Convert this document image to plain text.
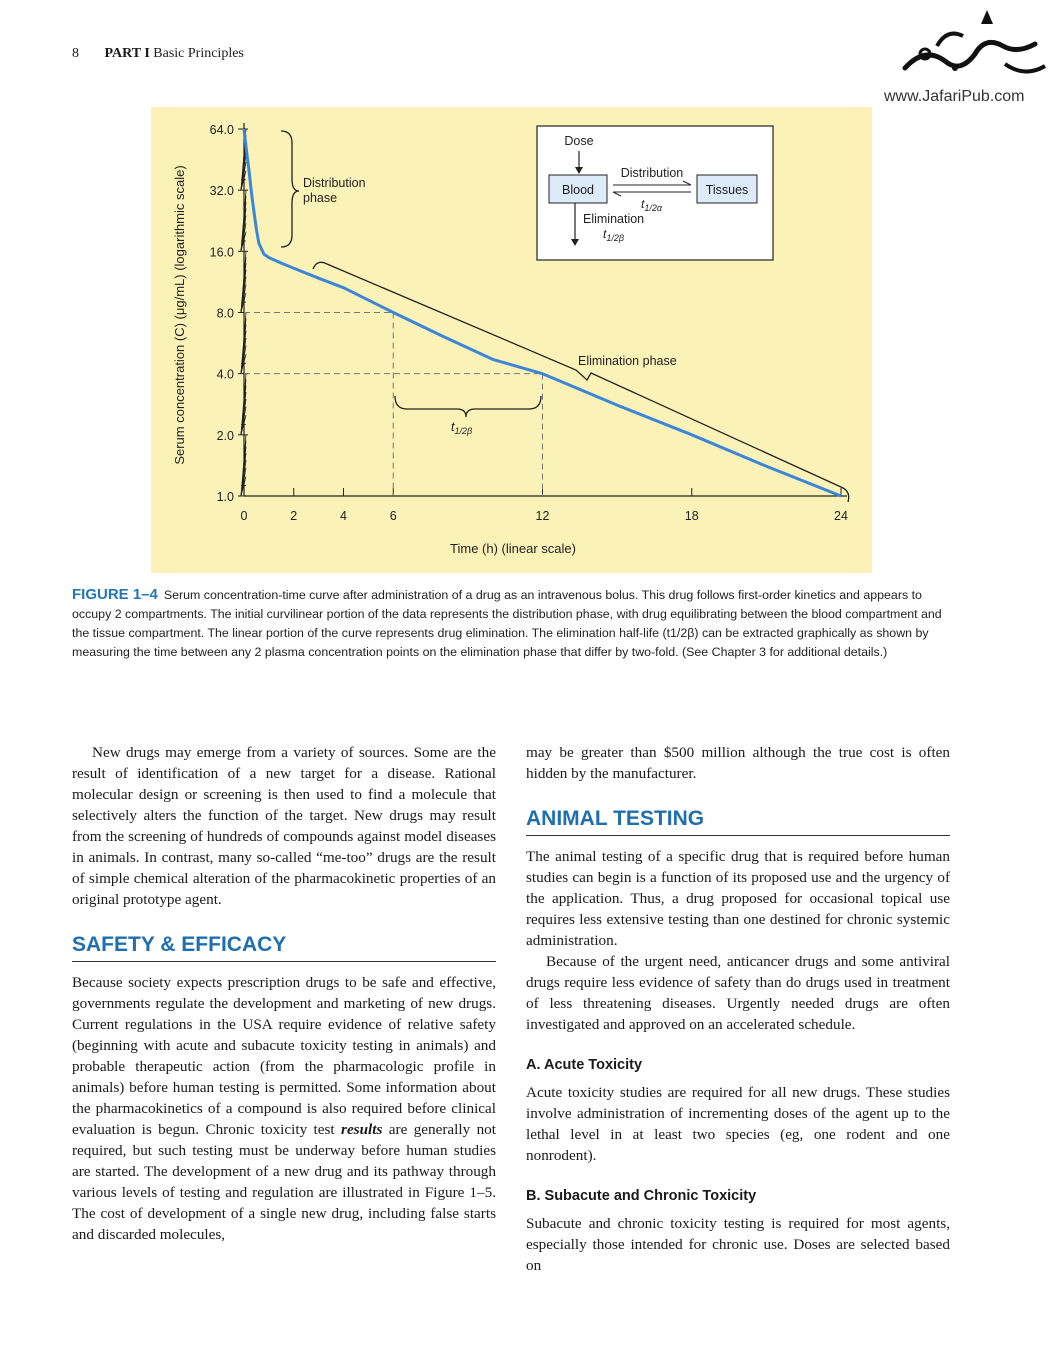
8 PART I Basic Principles
www.JafariPub.com
1.0
2.0
4.0
8.0
16.0
32.0
64.0
0	2	4	6	12	18	24
Time (h) (linear scale)
Serum concentration (C) (μg/mL) (logarithmic scale)	Distribution
phase
Elimination phase
$t_{1/2\beta}$
Dose
Blood	Tissues
Distribution
$t_{1/2\alpha}$
Elimination
$t_{1/2\beta}$
FIGURE 1–4 Serum concentration-time curve after administration of a drug as an intravenous bolus. This drug follows first-order kinetics and appears to occupy 2 compartments. The initial curvilinear portion of the data represents the distribution phase, with drug equilibrating between the blood compartment and the tissue compartment. The linear portion of the curve represents drug elimination. The elimination half-life (t1/2β) can be extracted graphically as shown by measuring the time between any 2 plasma concentration points on the elimination phase that differ by two-fold. (See Chapter 3 for additional details.)

New drugs may emerge from a variety of sources. Some are the result of identification of a new target for a disease. Rational molecular design or screening is then used to find a molecule that selectively alters the function of the target. New drugs may result from the screening of hundreds of compounds against model diseases in animals. In contrast, many so-called “me-too” drugs are the result of simple chemical alteration of the pharmacokinetic properties of an original prototype agent.

SAFETY & EFFICACY

Because society expects prescription drugs to be safe and effective, governments regulate the development and marketing of new drugs. Current regulations in the USA require evidence of relative safety (beginning with acute and subacute toxicity testing in animals) and probable therapeutic action (from the pharmacologic profile in animals) before human testing is permitted. Some information about the pharmacokinetics of a compound is also required before clinical evaluation is begun. Chronic toxicity test results are generally not required, but such testing must be underway before human studies are started. The development of a new drug and its pathway through various levels of testing and regulation are illustrated in Figure 1–5. The cost of development of a single new drug, including false starts and discarded molecules,

may be greater than $500 million although the true cost is often hidden by the manufacturer.

ANIMAL TESTING

The animal testing of a specific drug that is required before human studies can begin is a function of its proposed use and the urgency of the application. Thus, a drug proposed for occasional topical use requires less extensive testing than one destined for chronic systemic administration.

Because of the urgent need, anticancer drugs and some antiviral drugs require less evidence of safety than do drugs used in treatment of less threatening diseases. Urgently needed drugs are often investigated and approved on an accelerated schedule.

A. Acute Toxicity

Acute toxicity studies are required for all new drugs. These studies involve administration of incrementing doses of the agent up to the lethal level in at least two species (eg, one rodent and one nonrodent).

B. Subacute and Chronic Toxicity

Subacute and chronic toxicity testing is required for most agents, especially those intended for chronic use. Doses are selected based on
